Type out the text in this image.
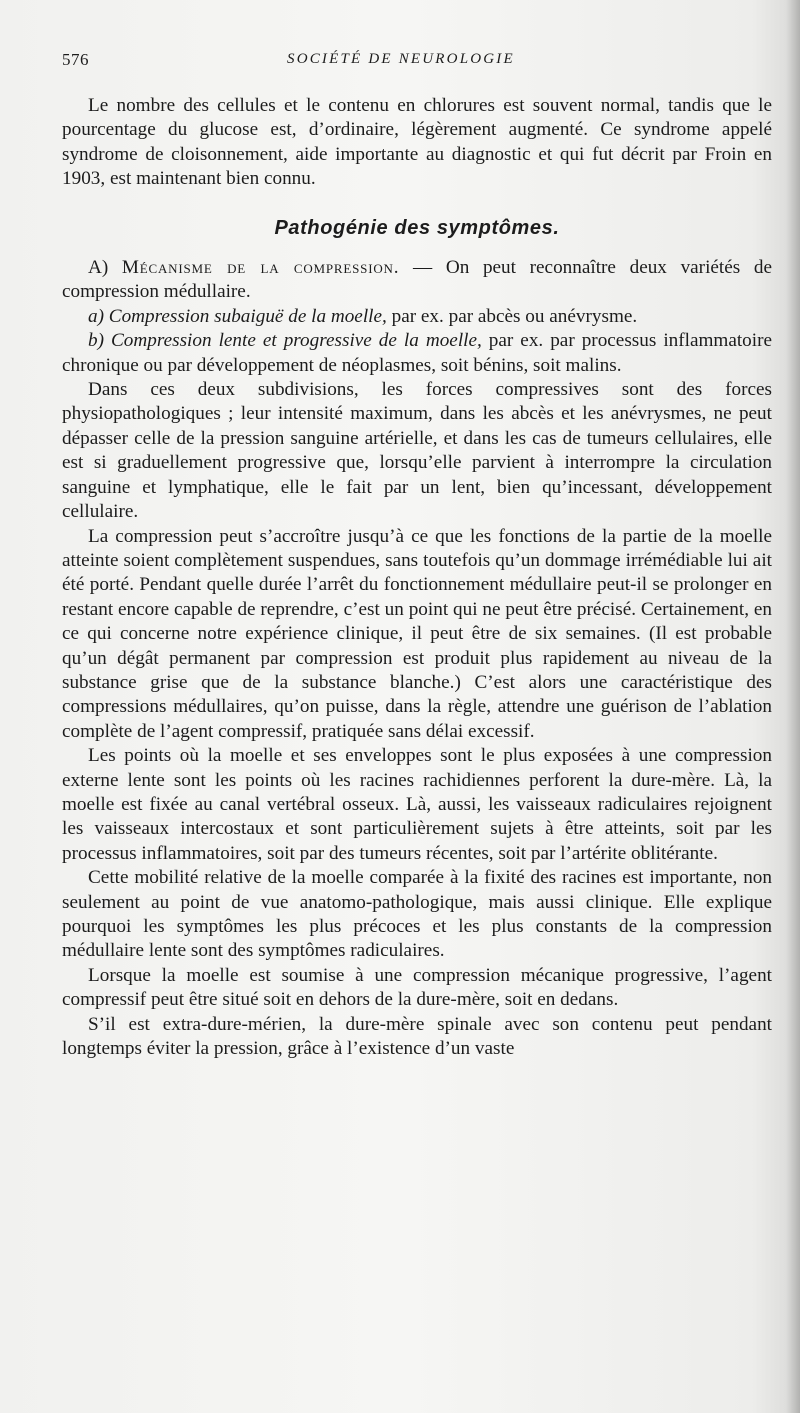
576	SOCIÉTÉ DE NEUROLOGIE

Le nombre des cellules et le contenu en chlorures est souvent normal, tandis que le pourcentage du glucose est, d’ordinaire, légèrement augmenté. Ce syndrome appelé syndrome de cloisonnement, aide importante au diagnostic et qui fut décrit par Froin en 1903, est maintenant bien connu.

Pathogénie des symptômes.

A) Mécanisme de la compression. — On peut reconnaître deux variétés de compression médullaire.

a) Compression subaiguë de la moelle, par ex. par abcès ou anévrysme.

b) Compression lente et progressive de la moelle, par ex. par processus inflammatoire chronique ou par développement de néoplasmes, soit bénins, soit malins.

Dans ces deux subdivisions, les forces compressives sont des forces physiopathologiques ; leur intensité maximum, dans les abcès et les anévrysmes, ne peut dépasser celle de la pression sanguine artérielle, et dans les cas de tumeurs cellulaires, elle est si graduellement progressive que, lorsqu’elle parvient à interrompre la circulation sanguine et lymphatique, elle le fait par un lent, bien qu’incessant, développement cellulaire.

La compression peut s’accroître jusqu’à ce que les fonctions de la partie de la moelle atteinte soient complètement suspendues, sans toutefois qu’un dommage irrémédiable lui ait été porté. Pendant quelle durée l’arrêt du fonctionnement médullaire peut-il se prolonger en restant encore capable de reprendre, c’est un point qui ne peut être précisé. Certainement, en ce qui concerne notre expérience clinique, il peut être de six semaines. (Il est probable qu’un dégât permanent par compression est produit plus rapidement au niveau de la substance grise que de la substance blanche.) C’est alors une caractéristique des compressions médullaires, qu’on puisse, dans la règle, attendre une guérison de l’ablation complète de l’agent compressif, pratiquée sans délai excessif.

Les points où la moelle et ses enveloppes sont le plus exposées à une compression externe lente sont les points où les racines rachidiennes perforent la dure-mère. Là, la moelle est fixée au canal vertébral osseux. Là, aussi, les vaisseaux radiculaires rejoignent les vaisseaux intercostaux et sont particulièrement sujets à être atteints, soit par les processus inflammatoires, soit par des tumeurs récentes, soit par l’artérite oblitérante.

Cette mobilité relative de la moelle comparée à la fixité des racines est importante, non seulement au point de vue anatomo-pathologique, mais aussi clinique. Elle explique pourquoi les symptômes les plus précoces et les plus constants de la compression médullaire lente sont des symptômes radiculaires.

Lorsque la moelle est soumise à une compression mécanique progressive, l’agent compressif peut être situé soit en dehors de la dure-mère, soit en dedans.

S’il est extra-dure-mérien, la dure-mère spinale avec son contenu peut pendant longtemps éviter la pression, grâce à l’existence d’un vaste
